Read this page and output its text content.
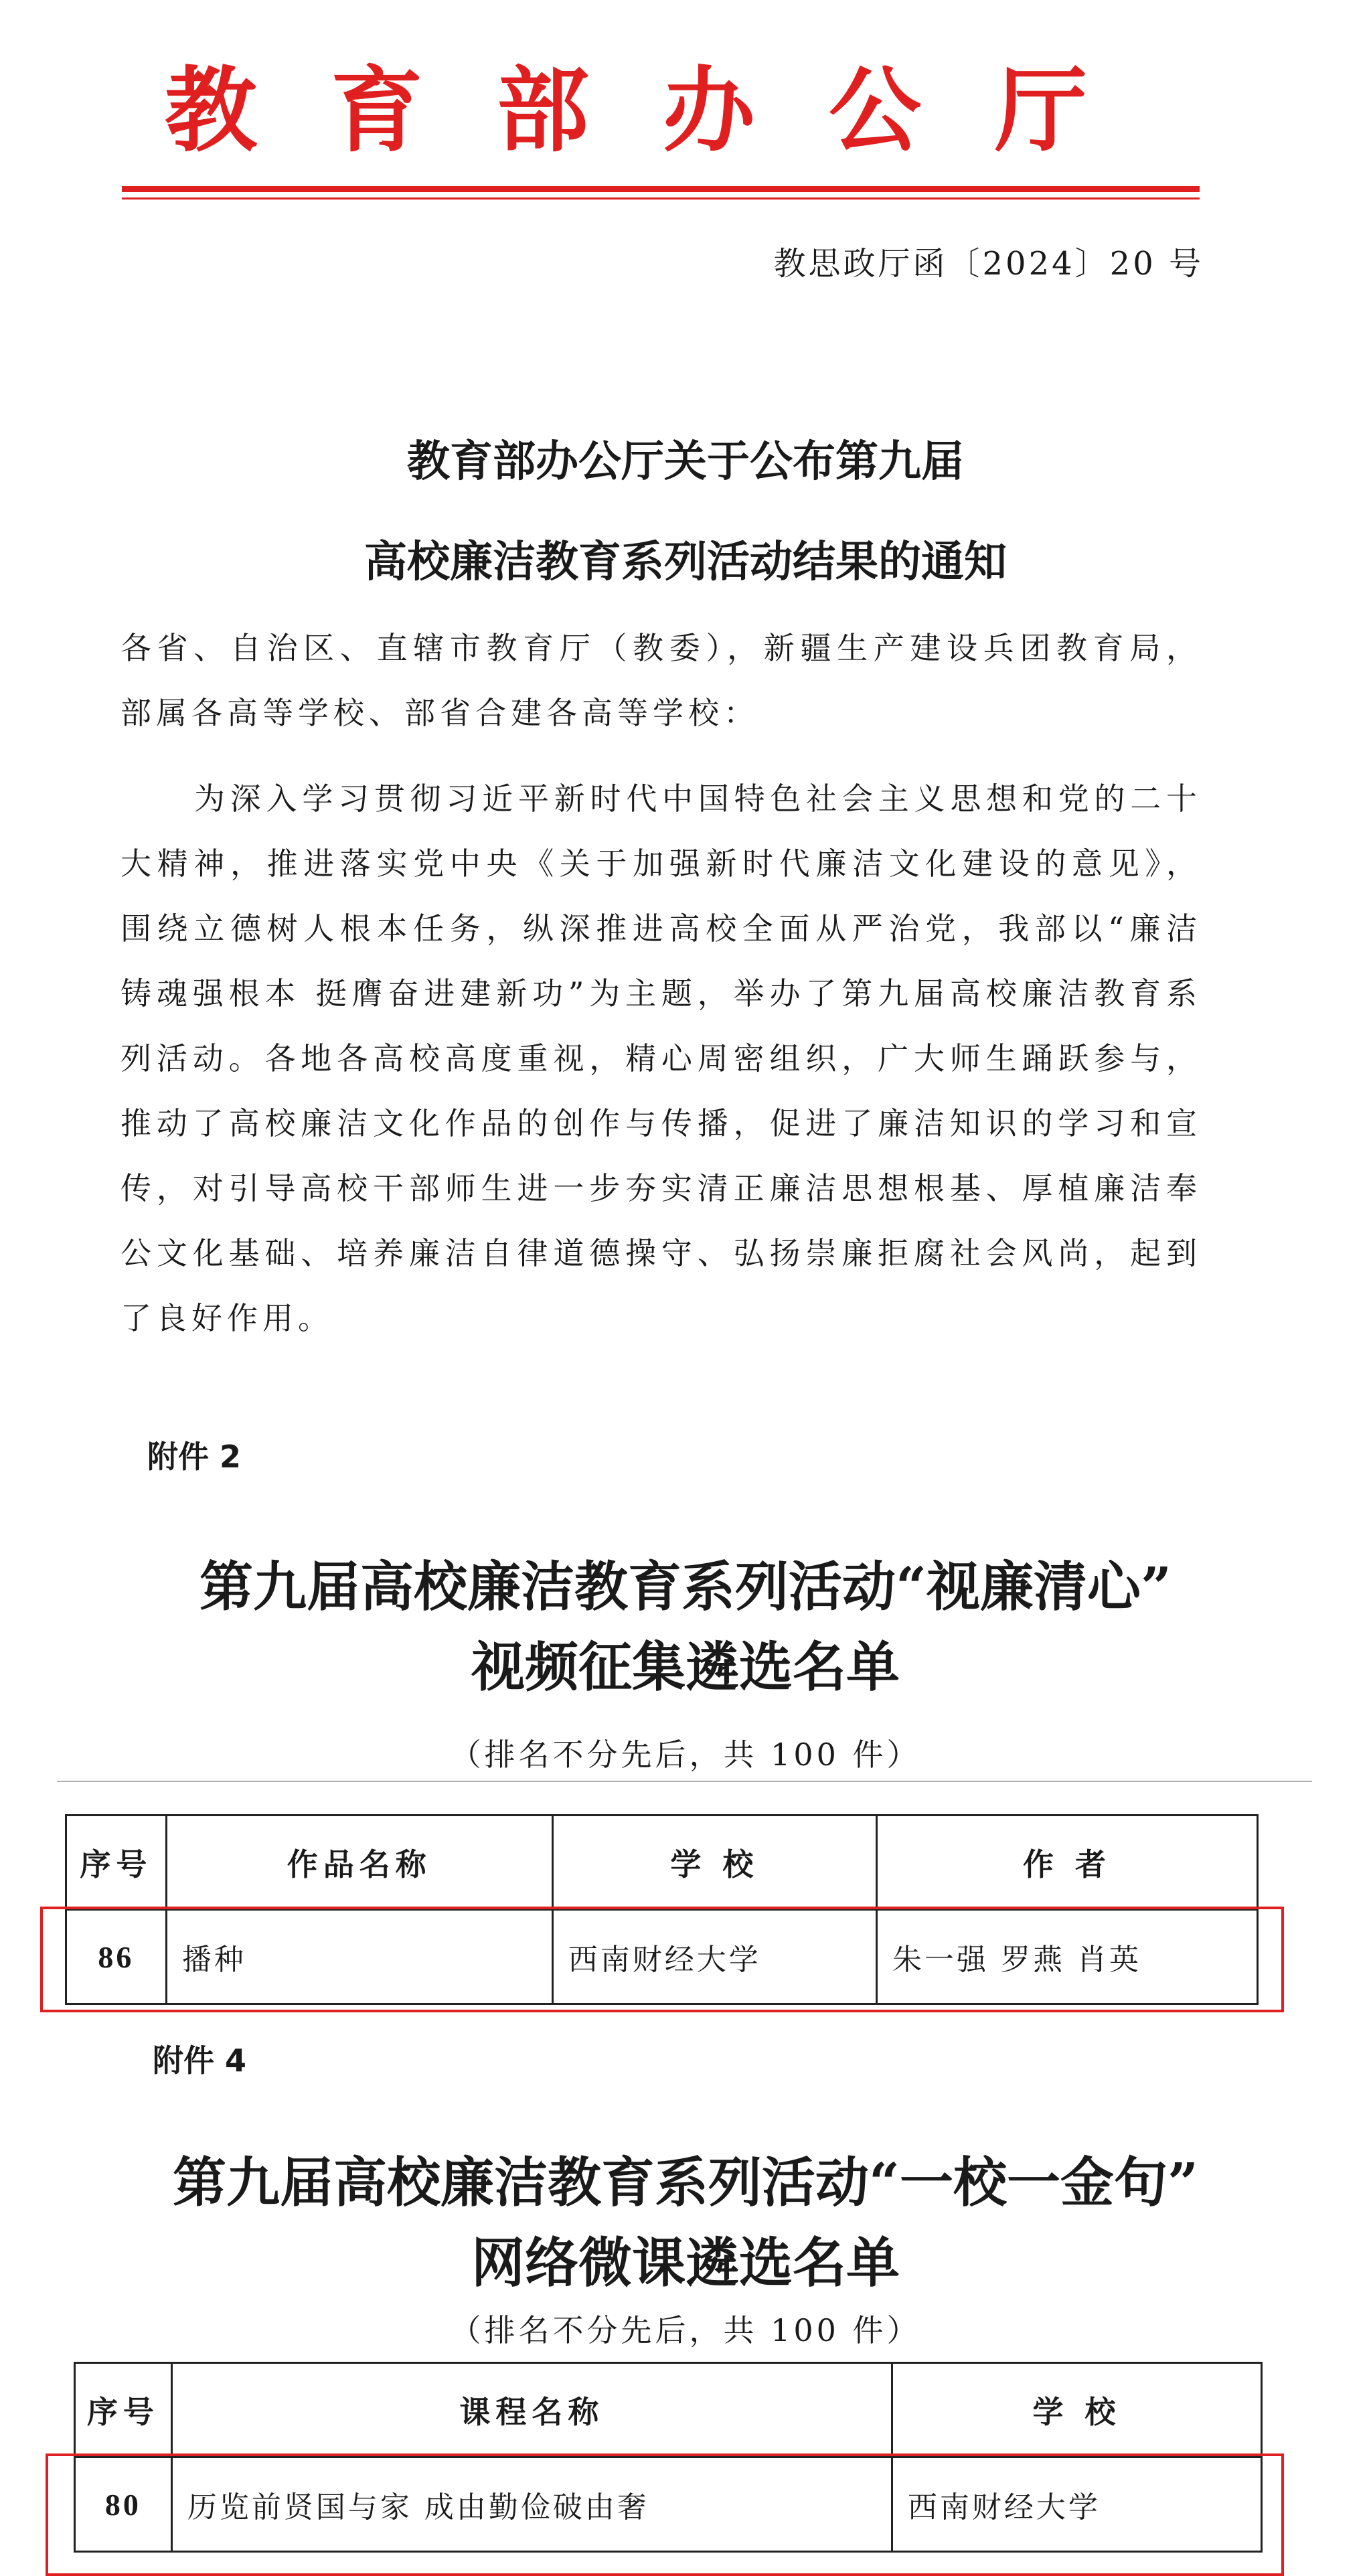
教育部办公厅
教思政厅函〔2024〕20 号
教育部办公厅关于公布第九届
高校廉洁教育系列活动结果的通知
各省、自治区、直辖市教育厅（教委），新疆生产建设兵团教育局，部属各高等学校、部省合建各高等学校：
为深入学习贯彻习近平新时代中国特色社会主义思想和党的二十大精神，推进落实党中央《关于加强新时代廉洁文化建设的意见》，围绕立德树人根本任务，纵深推进高校全面从严治党，我部以“廉洁铸魂强根本 挺膺奋进建新功”为主题，举办了第九届高校廉洁教育系列活动。各地各高校高度重视，精心周密组织，广大师生踊跃参与，推动了高校廉洁文化作品的创作与传播，促进了廉洁知识的学习和宣传，对引导高校干部师生进一步夯实清正廉洁思想根基、厚植廉洁奉公文化基础、培养廉洁自律道德操守、弘扬崇廉拒腐社会风尚，起到了良好作用。
附件 2
第九届高校廉洁教育系列活动“视廉清心”
视频征集遴选名单
（排名不分先后，共 100 件）
序号	作品名称	学 校	作 者
86	播种	西南财经大学	朱一强 罗燕 肖英
附件 4
第九届高校廉洁教育系列活动“一校一金句”
网络微课遴选名单
（排名不分先后，共 100 件）
序号	课程名称	学 校
80	历览前贤国与家 成由勤俭破由奢	西南财经大学
